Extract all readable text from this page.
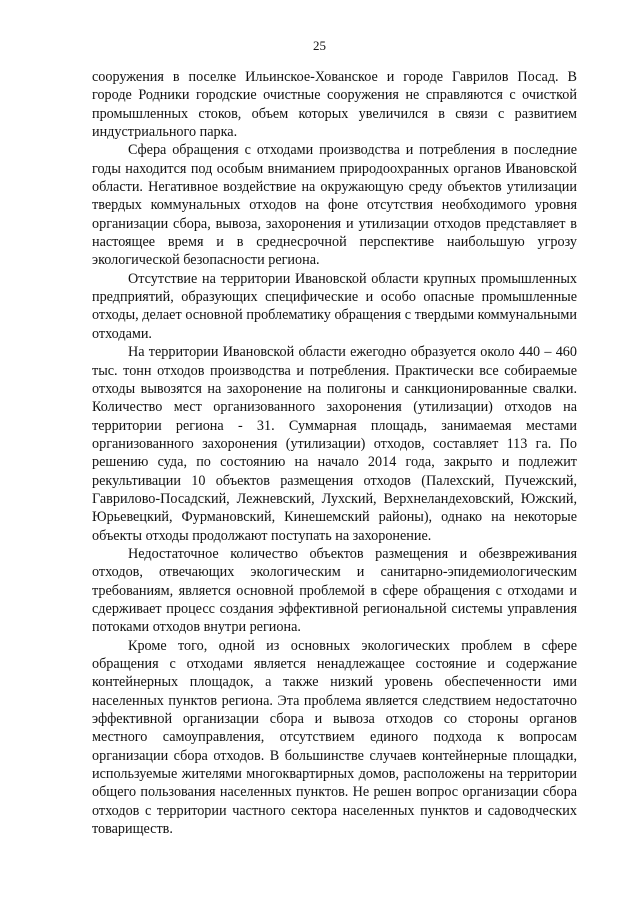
25

сооружения в поселке Ильинское-Хованское и городе Гаврилов Посад. В городе Родники городские очистные сооружения не справляются с очисткой промышленных стоков, объем которых увеличился в связи с развитием индустриального парка.

Сфера обращения с отходами производства и потребления в последние годы находится под особым вниманием природоохранных органов Ивановской области. Негативное воздействие на окружающую среду объектов утилизации твердых коммунальных отходов на фоне отсутствия необходимого уровня организации сбора, вывоза, захоронения и утилизации отходов представляет в настоящее время и в среднесрочной перспективе наибольшую угрозу экологической безопасности региона.

Отсутствие на территории Ивановской области крупных промышленных предприятий, образующих специфические и особо опасные промышленные отходы, делает основной проблематику обращения с твердыми коммунальными отходами.

На территории Ивановской области ежегодно образуется около 440 – 460 тыс. тонн отходов производства и потребления. Практически все собираемые отходы вывозятся на захоронение на полигоны и санкционированные свалки. Количество мест организованного захоронения (утилизации) отходов на территории региона - 31. Суммарная площадь, занимаемая местами организованного захоронения (утилизации) отходов, составляет 113 га. По решению суда, по состоянию на начало 2014 года, закрыто и подлежит рекультивации 10 объектов размещения отходов (Палехский, Пучежский, Гаврилово-Посадский, Лежневский, Лухский, Верхнеландеховский, Южский, Юрьевецкий, Фурмановский, Кинешемский районы), однако на некоторые объекты отходы продолжают поступать на захоронение.

Недостаточное количество объектов размещения и обезвреживания отходов, отвечающих экологическим и санитарно-эпидемиологическим требованиям, является основной проблемой в сфере обращения с отходами и сдерживает процесс создания эффективной региональной системы управления потоками отходов внутри региона.

Кроме того, одной из основных экологических проблем в сфере обращения с отходами является ненадлежащее состояние и содержание контейнерных площадок, а также низкий уровень обеспеченности ими населенных пунктов региона. Эта проблема является следствием недостаточно эффективной организации сбора и вывоза отходов со стороны органов местного самоуправления, отсутствием единого подхода к вопросам организации сбора отходов. В большинстве случаев контейнерные площадки, используемые жителями многоквартирных домов, расположены на территории общего пользования населенных пунктов. Не решен вопрос организации сбора отходов с территории частного сектора населенных пунктов и садоводческих товариществ.
